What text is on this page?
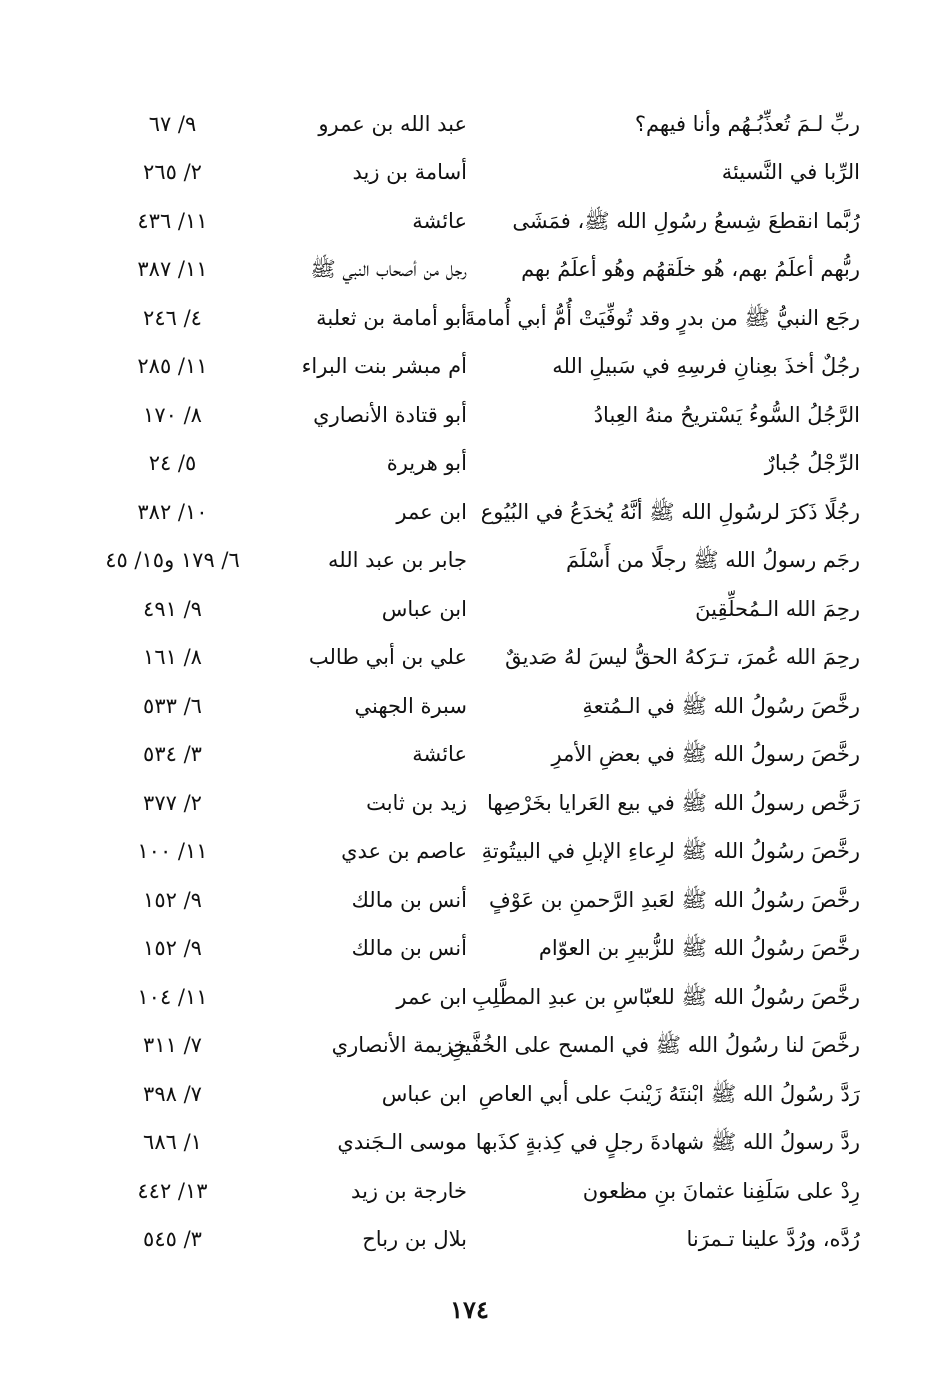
ربِّ لـمَ تُعذِّبُـهُم وأنا فيهم؟
عبد الله بن عمرو
٩/ ٦٧
الرِّبا في النَّسيئة
أسامة بن زيد
٢/ ٢٦٥
رُبَّما انقطعَ شِسعُ رسُولِ الله ﷺ، فمَشَى
عائشة
١١/ ٤٣٦
ربُّهم أعلَمُ بهم، هُو خلَقهُم وهُو أعلَمُ بهم
رجل من أصحاب النبي ﷺ
١١/ ٣٨٧
رجَع النبيُّ ﷺ من بدرٍ وقد تُوفِّيَتْ أُمُّ أبي أُمامةَ
أبو أمامة بن ثعلبة
٤/ ٢٤٦
رجُلٌ أخذَ بعِنانِ فرسِهِ في سَبيلِ الله
أم مبشر بنت البراء
١١/ ٢٨٥
الرَّجُلُ السُّوءُ يَسْتريحُ منهُ العِبادُ
أبو قتادة الأنصاري
٨/ ١٧٠
الرِّجْلُ جُبارٌ
أبو هريرة
٥/ ٢٤
رجُلًا ذَكرَ لرسُولِ الله ﷺ أنَّهُ يُخدَعُ في البُيُوع
ابن عمر
١٠/ ٣٨٢
رجَم رسولُ الله ﷺ رجلًا من أَسْلَمَ
جابر بن عبد الله
٦/ ١٧٩ و١٥/ ٤٥
رحِمَ الله الـمُحلِّقِينَ
ابن عباس
٩/ ٤٩١
رحِمَ الله عُمرَ، تـرَكهُ الحقُّ ليسَ لهُ صَديقٌ
علي بن أبي طالب
٨/ ١٦١
رخَّصَ رسُولُ الله ﷺ في الـمُتعةِ
سبرة الجهني
٦/ ٥٣٣
رخَّصَ رسولُ الله ﷺ في بعضِ الأمرِ
عائشة
٣/ ٥٣٤
رَخَّص رسولُ الله ﷺ في بيع العَرايا بخَرْصِها
زيد بن ثابت
٢/ ٣٧٧
رخَّصَ رسُولُ الله ﷺ لرِعاءِ الإبلِ في البيتُوتةِ
عاصم بن عدي
١١/ ١٠٠
رخَّصَ رسُولُ الله ﷺ لعَبدِ الرَّحمنِ بن عَوْفٍ
أنس بن مالك
٩/ ١٥٢
رخَّصَ رسُولُ الله ﷺ للزُّبيرِ بن العوّام
أنس بن مالك
٩/ ١٥٢
رخَّصَ رسُولُ الله ﷺ للعبّاسِ بن عبدِ المطَّلِبِ
ابن عمر
١١/ ١٠٤
رخَّصَ لنا رسُولُ الله ﷺ في المسح على الخُفَّينِ
خزيمة الأنصاري
٧/ ٣١١
رَدَّ رسُولُ الله ﷺ ابْنتَهُ زَيْنبَ على أبي العاصِ
ابن عباس
٧/ ٣٩٨
ردَّ رسولُ الله ﷺ شهادةَ رجلٍ في كِذبةٍ كذَبها
موسى الـجَندي
١/ ٦٨٦
رِدْ على سَلَفِنا عثمانَ بنِ مظعون
خارجة بن زيد
١٣/ ٤٤٢
رُدَّه، ورُدَّ علينا تـمرَنا
بلال بن رباح
٣/ ٥٤٥
١٧٤
